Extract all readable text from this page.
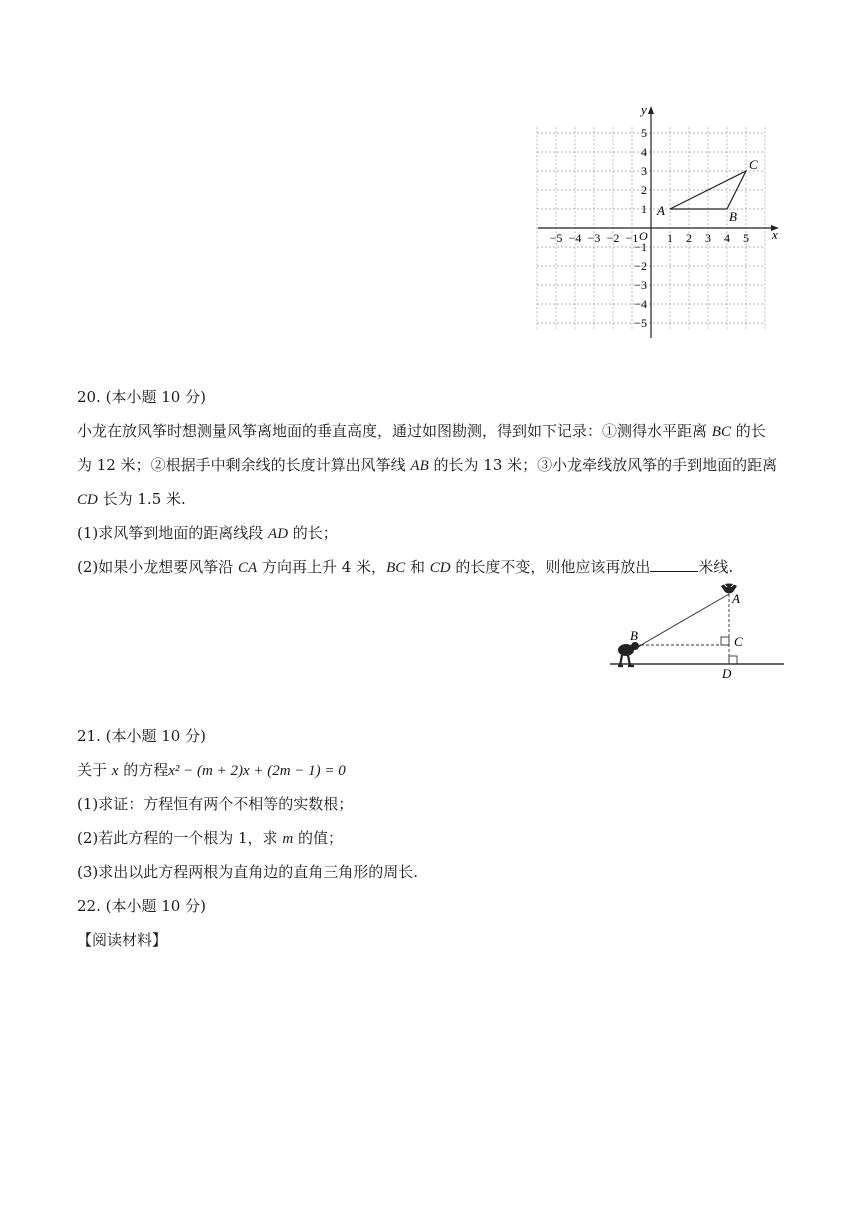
x
y
O
−5 −4 −3 −2 −1 1 2 3 4 5
5
4
3
2
1
−1
−2
−3
−4
−5
A	B
C
20. (本小题 10 分)
小龙在放风筝时想测量风筝离地面的垂直高度，通过如图勘测，得到如下记录：①测得水平距离 BC 的长
为 12 米；②根据手中剩余线的长度计算出风筝线 AB 的长为 13 米；③小龙牵线放风筝的手到地面的距离
CD 长为 1.5 米.
(1)求风筝到地面的距离线段 AD 的长；
(2)如果小龙想要风筝沿 CA 方向再上升 4 米，BC 和 CD 的长度不变，则他应该再放出	米线.
A
B	C
D
21. (本小题 10 分)
关于 x 的方程x² − (m + 2)x + (2m − 1) = 0
(1)求证：方程恒有两个不相等的实数根；
(2)若此方程的一个根为 1，求 m 的值；
(3)求出以此方程两根为直角边的直角三角形的周长.
22. (本小题 10 分)
【阅读材料】
